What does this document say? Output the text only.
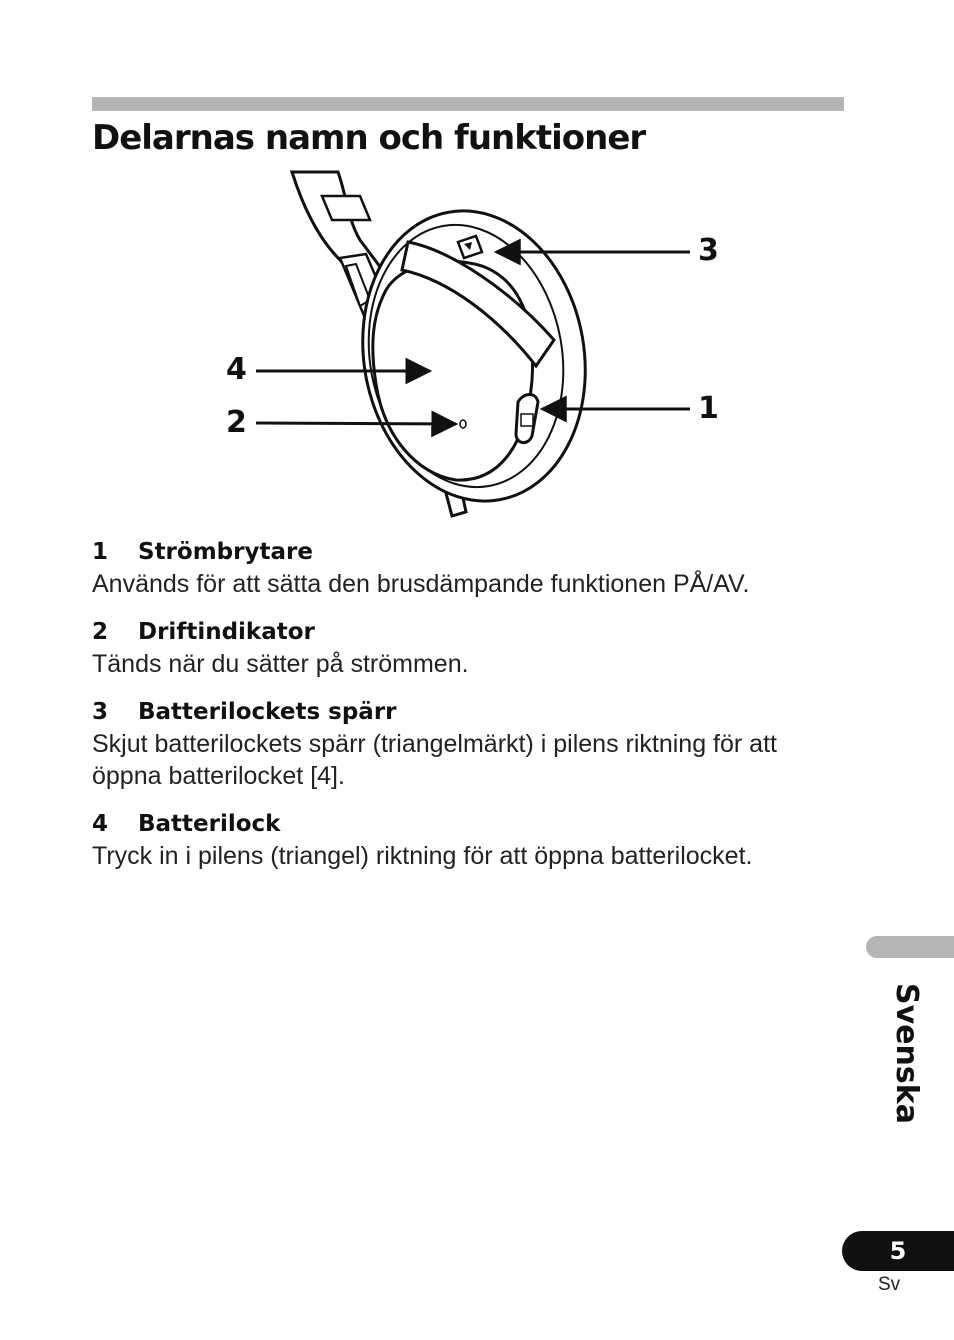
Delarnas namn och funktioner
3
4
1
2
1	Strömbrytare
Används för att sätta den brusdämpande funktionen PÅ/AV.
2	Driftindikator
Tänds när du sätter på strömmen.
3	Batterilockets spärr
Skjut batterilockets spärr (triangelmärkt) i pilens riktning för att öppna batterilocket [4].
4	Batterilock
Tryck in i pilens (triangel) riktning för att öppna batterilocket.
Svenska
5
Sv
